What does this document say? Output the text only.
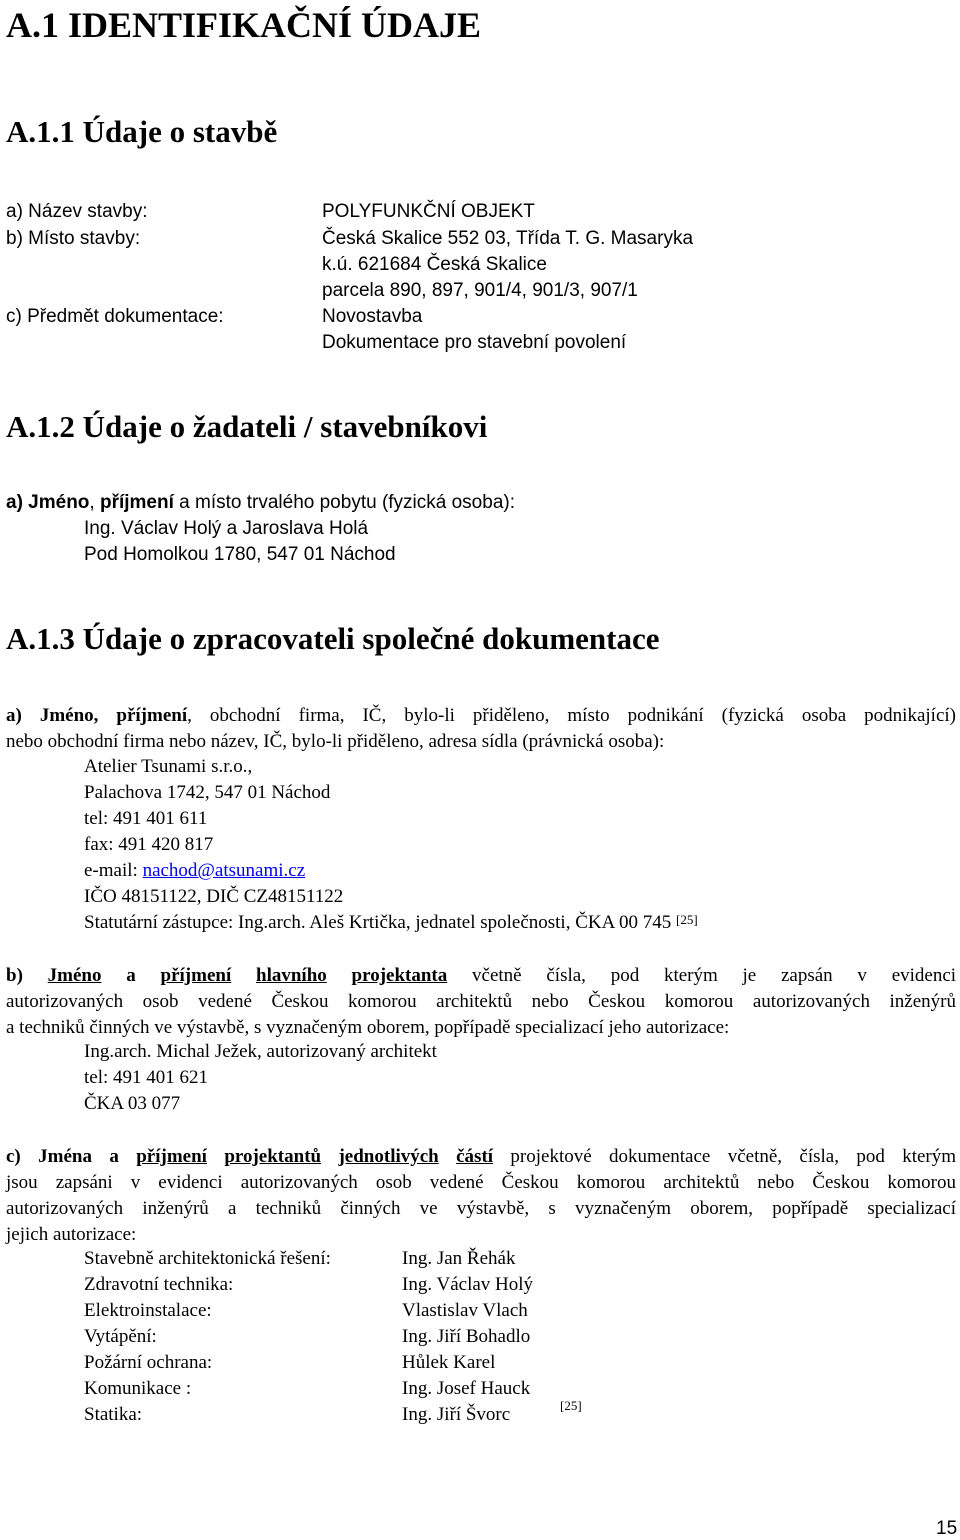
A.1 IDENTIFIKAČNÍ ÚDAJE
A.1.1 Údaje o stavbě
a) Název stavby:	POLYFUNKČNÍ OBJEKT
b) Místo stavby:	Česká Skalice 552 03, Třída T. G. Masaryka
k.ú. 621684 Česká Skalice
parcela 890, 897, 901/4, 901/3, 907/1
c) Předmět dokumentace:	Novostavba
Dokumentace pro stavební povolení
A.1.2 Údaje o žadateli / stavebníkovi
a) Jméno, příjmení a místo trvalého pobytu (fyzická osoba):
Ing. Václav Holý a Jaroslava Holá
Pod Homolkou 1780, 547 01 Náchod
A.1.3 Údaje o zpracovateli společné dokumentace
a) Jméno, příjmení, obchodní firma, IČ, bylo-li přiděleno, místo podnikání (fyzická osoba podnikající)
nebo obchodní firma nebo název, IČ, bylo-li přiděleno, adresa sídla (právnická osoba):
Atelier Tsunami s.r.o.,
Palachova 1742, 547 01 Náchod
tel: 491 401 611
fax: 491 420 817
e-mail: nachod@atsunami.cz
IČO 48151122, DIČ CZ48151122
Statutární zástupce: Ing.arch. Aleš Krtička, jednatel společnosti, ČKA 00 745 [25]
b) Jméno a příjmení hlavního projektanta včetně čísla, pod kterým je zapsán v evidenci
autorizovaných osob vedené Českou komorou architektů nebo Českou komorou autorizovaných inženýrů
a techniků činných ve výstavbě, s vyznačeným oborem, popřípadě specializací jeho autorizace:
Ing.arch. Michal Ježek, autorizovaný architekt
tel: 491 401 621
ČKA 03 077
c) Jména a příjmení projektantů jednotlivých částí projektové dokumentace včetně, čísla, pod kterým
jsou zapsáni v evidenci autorizovaných osob vedené Českou komorou architektů nebo Českou komorou
autorizovaných inženýrů a techniků činných ve výstavbě, s vyznačeným oborem, popřípadě specializací
jejich autorizace:
Stavebně architektonická řešení:	Ing. Jan Řehák
Zdravotní technika:	Ing. Václav Holý
Elektroinstalace:	Vlastislav Vlach
Vytápění:	Ing. Jiří Bohadlo
Požární ochrana:	Hůlek Karel
Komunikace :	Ing. Josef Hauck
Statika:	Ing. Jiří Švorc	[25]
15
